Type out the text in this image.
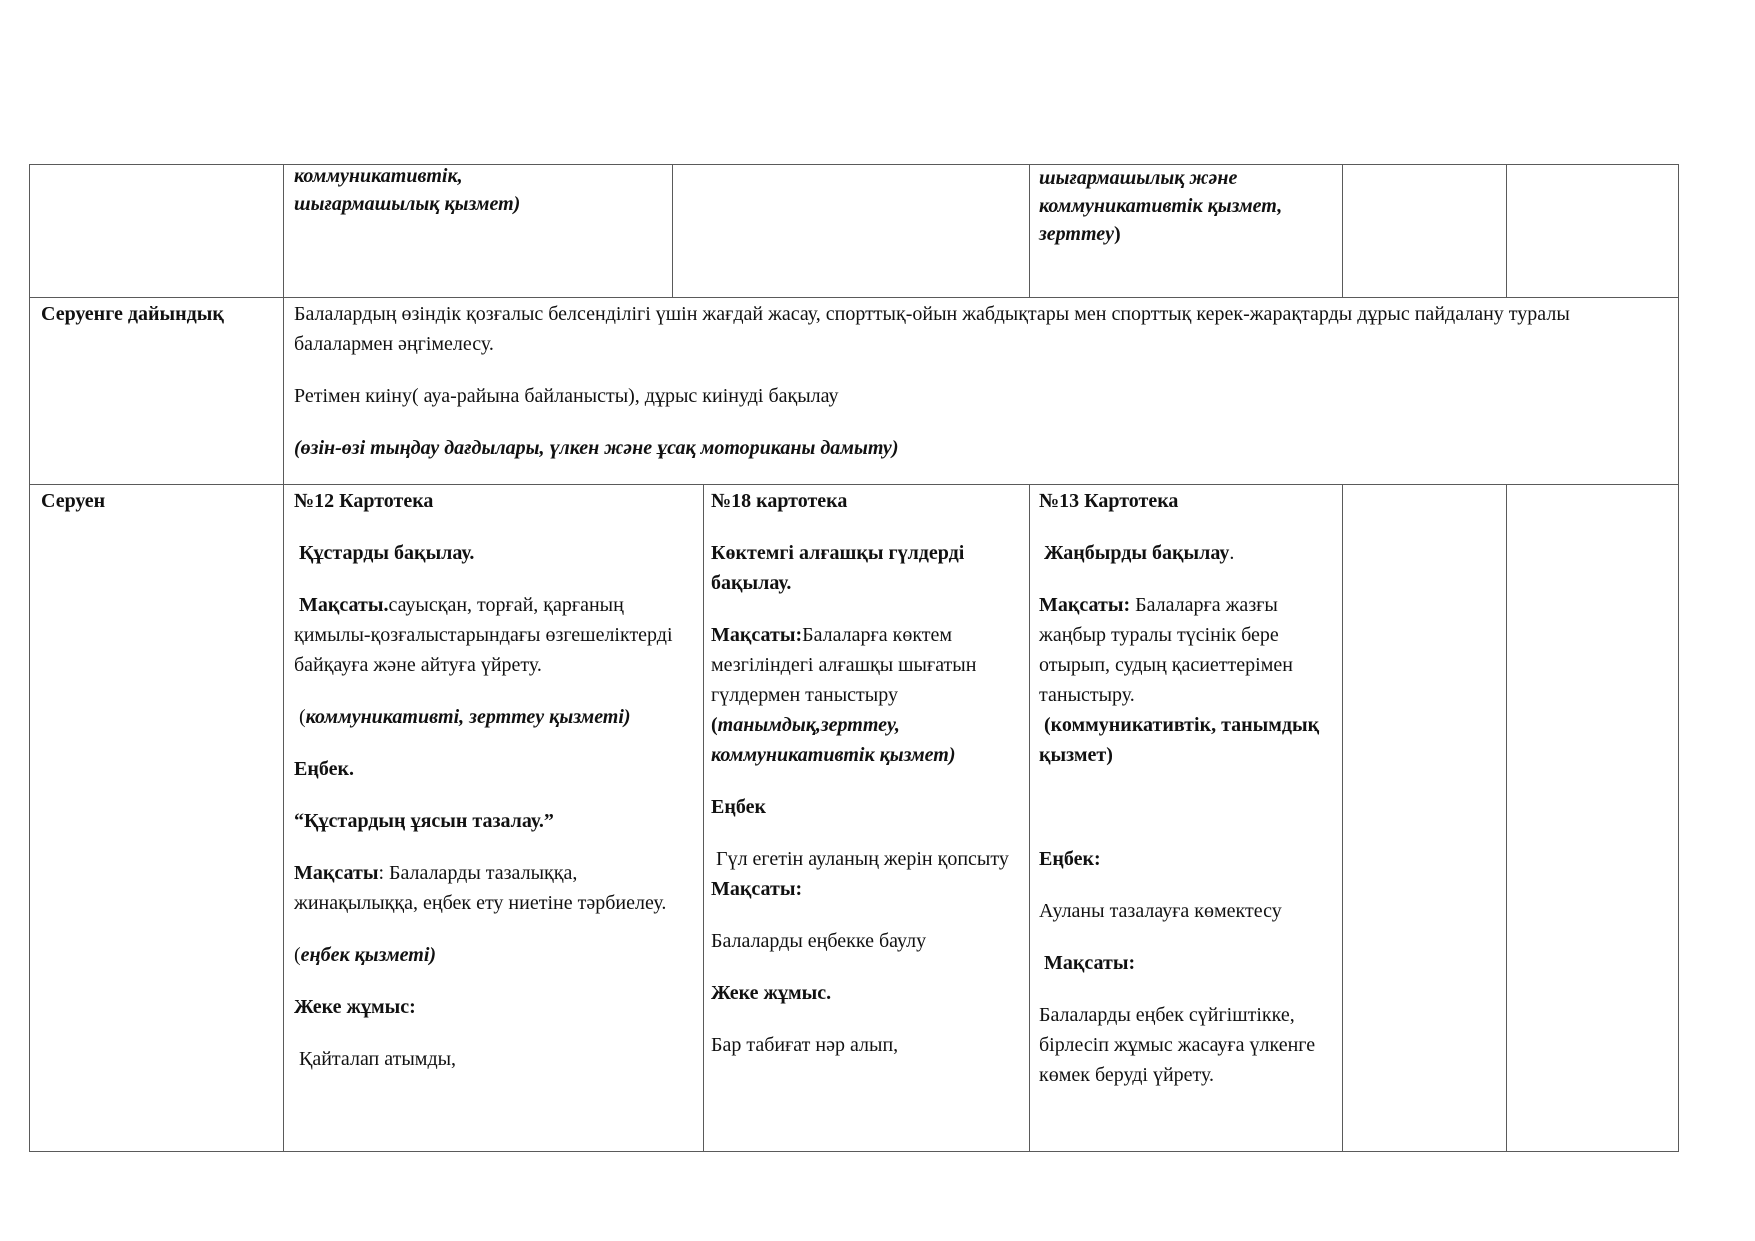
коммуникативтік,
шығармашылық қызмет)
шығармашылық және
коммуникативтік қызмет,
зерттеу)
Серуенге дайындық	Балалардың өзіндік қозғалыс белсенділігі үшін жағдай жасау, спорттық-ойын жабдықтары мен спорттық керек-жарақтарды дұрыс пайдалану туралы балалармен әңгімелесу.

Ретімен киіну( ауа-райына байланысты), дұрыс киінуді бақылау

(өзін-өзі тыңдау дағдылары, үлкен және ұсақ моториканы дамыту)

Серуен	№12 Картотека

Құстарды бақылау.

Мақсаты.сауысқан, торғай, қарғаның қимылы-қозғалыстарындағы өзгешеліктерді байқауға және айтуға үйрету.

(коммуникативті, зерттеу қызметі)

Еңбек.

“Құстардың ұясын тазалау.”

Мақсаты: Балаларды тазалыққа, жинақылыққа, еңбек ету ниетіне тәрбиелеу.

(еңбек қызметі)

Жеке жұмыс:

Қайталап атымды,

№18 картотека

Көктемгі алғашқы гүлдерді бақылау.

Мақсаты:Балаларға көктем мезгіліндегі алғашқы шығатын гүлдермен таныстыру

(танымдық,зерттеу, коммуникативтік қызмет)

Еңбек

Гүл егетін ауланың жерін қопсыту

Мақсаты:

Балаларды еңбекке баулу

Жеке жұмыс.

Бар табиғат нәр алып,

№13 Картотека

Жаңбырды бақылау.

Мақсаты: Балаларға жазғы жаңбыр туралы түсінік бере отырып, судың қасиеттерімен таныстыру.

(коммуникативтік, танымдық қызмет)

Еңбек:

Ауланы тазалауға көмектесу

Мақсаты:

Балаларды еңбек сүйгіштікке, бірлесіп жұмыс жасауға үлкенге көмек беруді үйрету.
